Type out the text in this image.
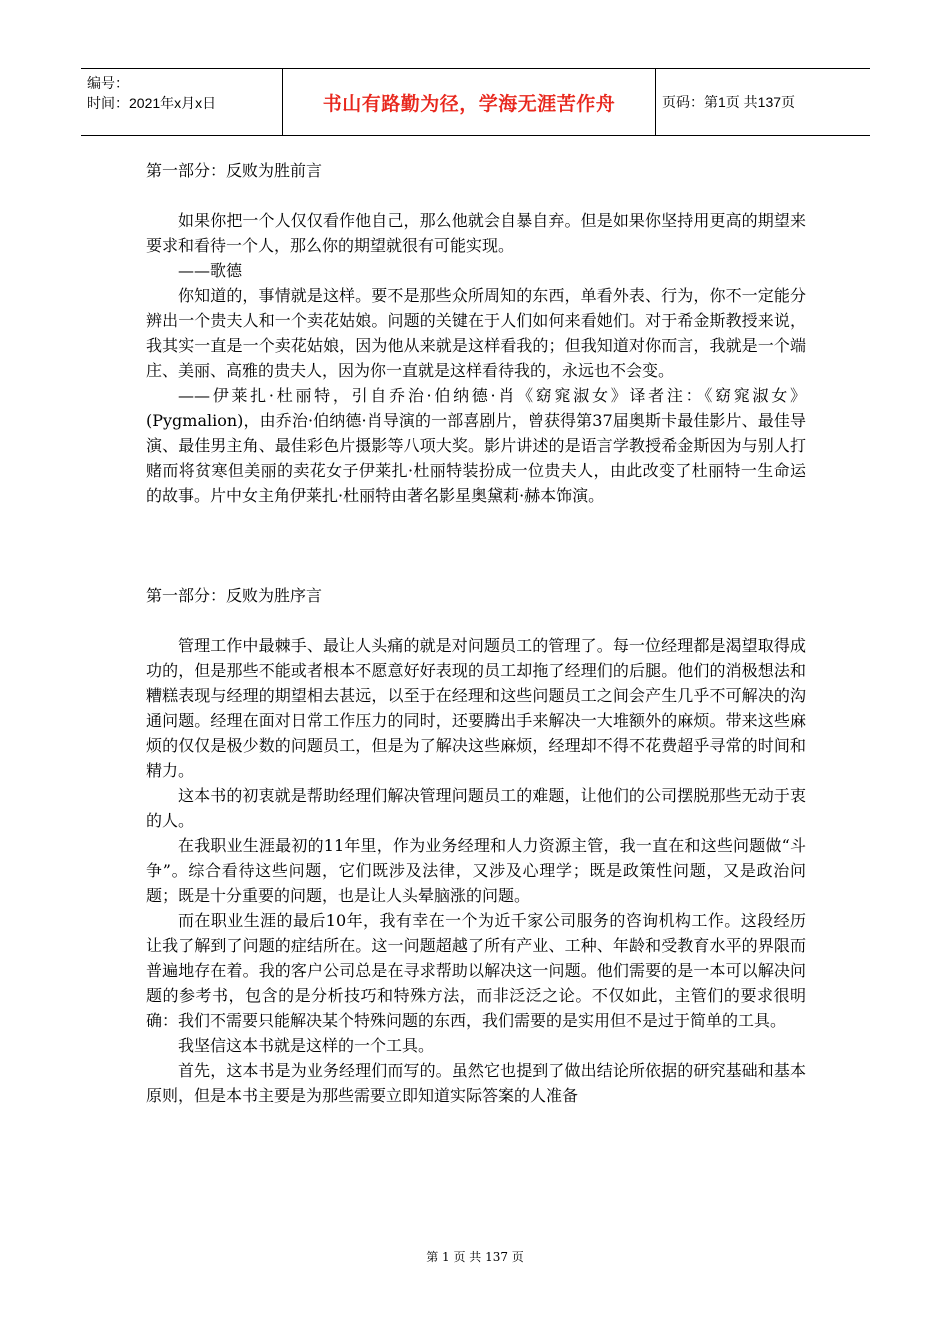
编号：
时间：2021年x月x日	书山有路勤为径，学海无涯苦作舟	页码：第1页 共137页
第一部分：反败为胜前言

如果你把一个人仅仅看作他自己，那么他就会自暴自弃。但是如果你坚持用更高的期望来要求和看待一个人，那么你的期望就很有可能实现。

——歌德

你知道的，事情就是这样。要不是那些众所周知的东西，单看外表、行为，你不一定能分辨出一个贵夫人和一个卖花姑娘。问题的关键在于人们如何来看她们。对于希金斯教授来说，我其实一直是一个卖花姑娘，因为他从来就是这样看我的；但我知道对你而言，我就是一个端庄、美丽、高雅的贵夫人，因为你一直就是这样看待我的，永远也不会变。

——伊莱扎·杜丽特，引自乔治·伯纳德·肖《窈窕淑女》译者注：《窈窕淑女》(Pygmalion)，由乔治·伯纳德·肖导演的一部喜剧片，曾获得第37届奥斯卡最佳影片、最佳导演、最佳男主角、最佳彩色片摄影等八项大奖。影片讲述的是语言学教授希金斯因为与别人打赌而将贫寒但美丽的卖花女子伊莱扎·杜丽特装扮成一位贵夫人，由此改变了杜丽特一生命运的故事。片中女主角伊莱扎·杜丽特由著名影星奥黛莉·赫本饰演。

第一部分：反败为胜序言

管理工作中最棘手、最让人头痛的就是对问题员工的管理了。每一位经理都是渴望取得成功的，但是那些不能或者根本不愿意好好表现的员工却拖了经理们的后腿。他们的消极想法和糟糕表现与经理的期望相去甚远，以至于在经理和这些问题员工之间会产生几乎不可解决的沟通问题。经理在面对日常工作压力的同时，还要腾出手来解决一大堆额外的麻烦。带来这些麻烦的仅仅是极少数的问题员工，但是为了解决这些麻烦，经理却不得不花费超乎寻常的时间和精力。

这本书的初衷就是帮助经理们解决管理问题员工的难题，让他们的公司摆脱那些无动于衷的人。

在我职业生涯最初的11年里，作为业务经理和人力资源主管，我一直在和这些问题做“斗争”。综合看待这些问题，它们既涉及法律，又涉及心理学；既是政策性问题，又是政治问题；既是十分重要的问题，也是让人头晕脑涨的问题。

而在职业生涯的最后10年，我有幸在一个为近千家公司服务的咨询机构工作。这段经历让我了解到了问题的症结所在。这一问题超越了所有产业、工种、年龄和受教育水平的界限而普遍地存在着。我的客户公司总是在寻求帮助以解决这一问题。他们需要的是一本可以解决问题的参考书，包含的是分析技巧和特殊方法，而非泛泛之论。不仅如此，主管们的要求很明确：我们不需要只能解决某个特殊问题的东西，我们需要的是实用但不是过于简单的工具。

我坚信这本书就是这样的一个工具。

首先，这本书是为业务经理们而写的。虽然它也提到了做出结论所依据的研究基础和基本原则，但是本书主要是为那些需要立即知道实际答案的人准备

第 1 页 共 137 页
